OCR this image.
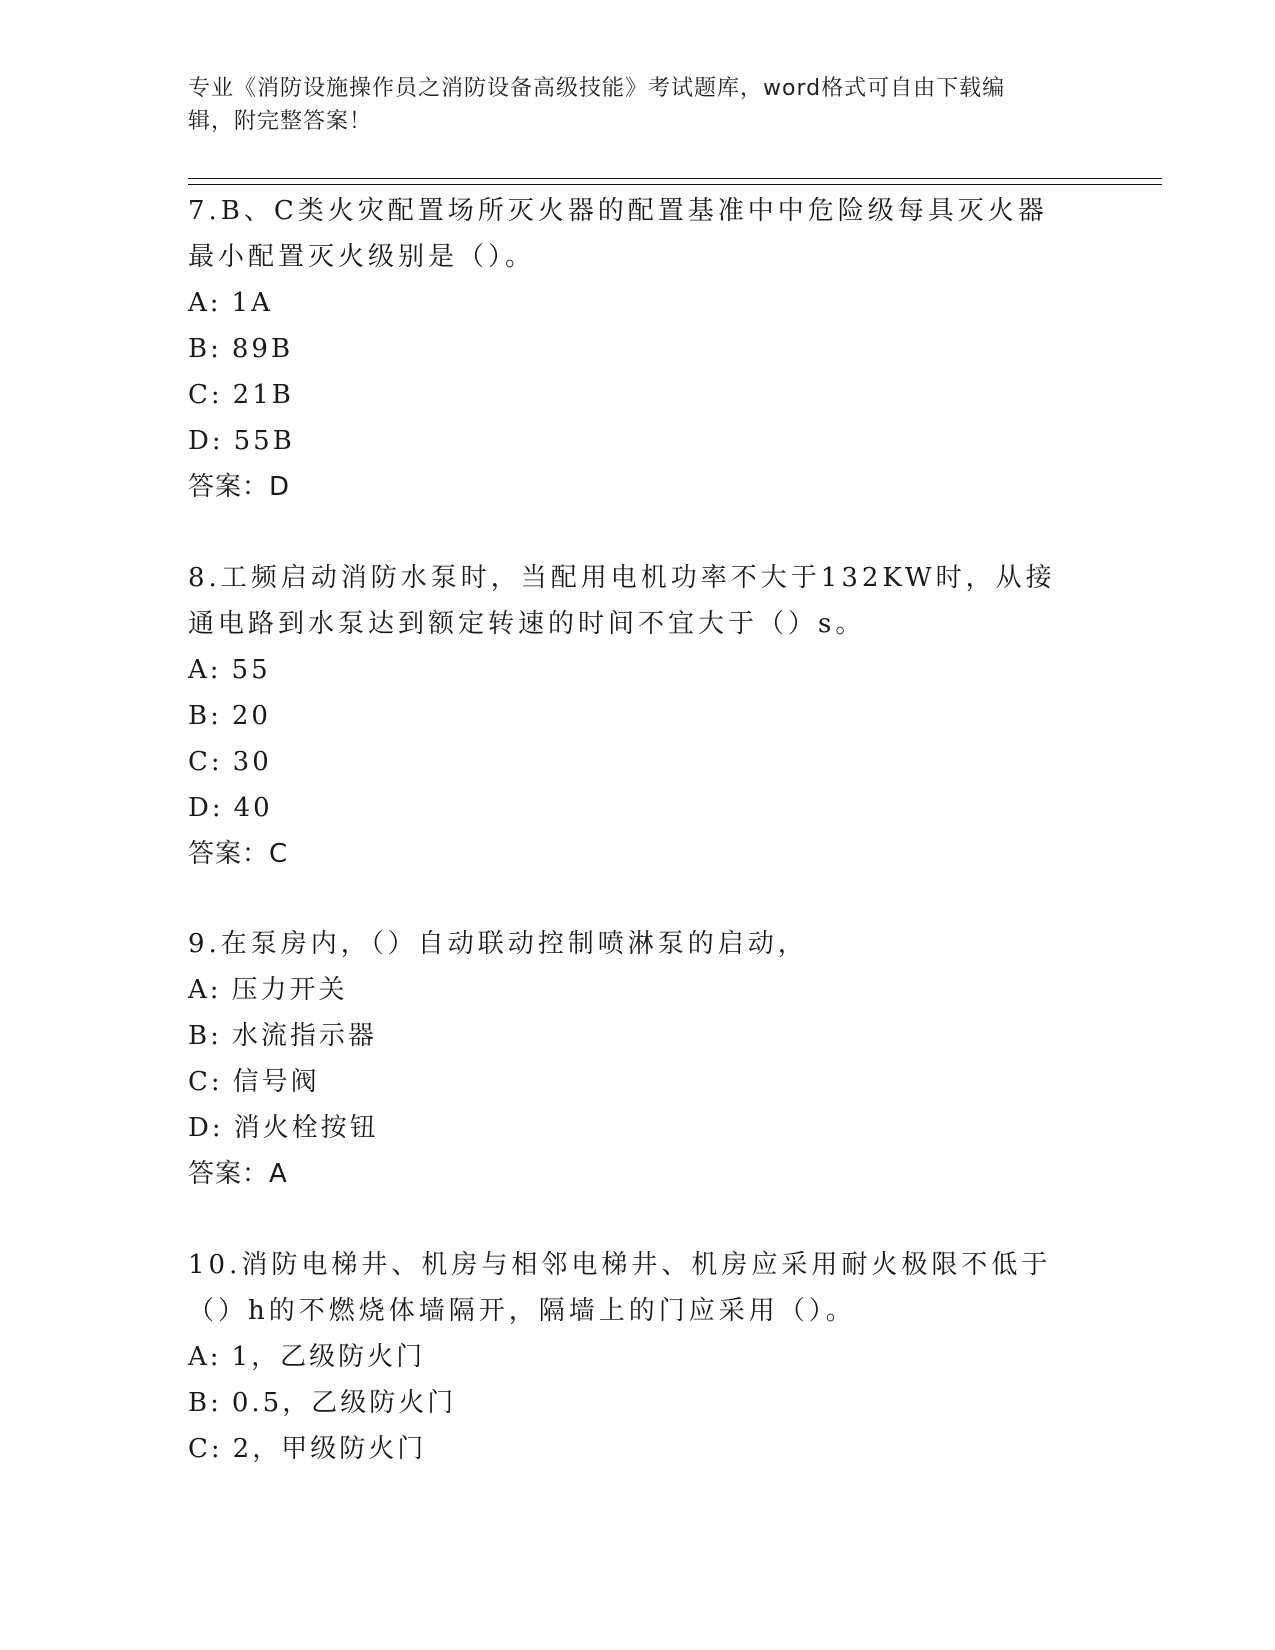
专业《消防设施操作员之消防设备高级技能》考试题库，word格式可自由下载编
辑，附完整答案！

7.B、C类火灾配置场所灭火器的配置基准中中危险级每具灭火器最小配置灭火级别是（）。

A: 1A

B: 89B

C: 21B

D: 55B

答案：D

8.工频启动消防水泵时，当配用电机功率不大于132KW时，从接通电路到水泵达到额定转速的时间不宜大于（）s。

A: 55

B: 20

C: 30

D: 40

答案：C

9.在泵房内，（）自动联动控制喷淋泵的启动，

A: 压力开关

B: 水流指示器

C: 信号阀

D: 消火栓按钮

答案：A

10.消防电梯井、机房与相邻电梯井、机房应采用耐火极限不低于（）h的不燃烧体墙隔开，隔墙上的门应采用（）。

A: 1，乙级防火门

B: 0.5，乙级防火门

C: 2，甲级防火门
